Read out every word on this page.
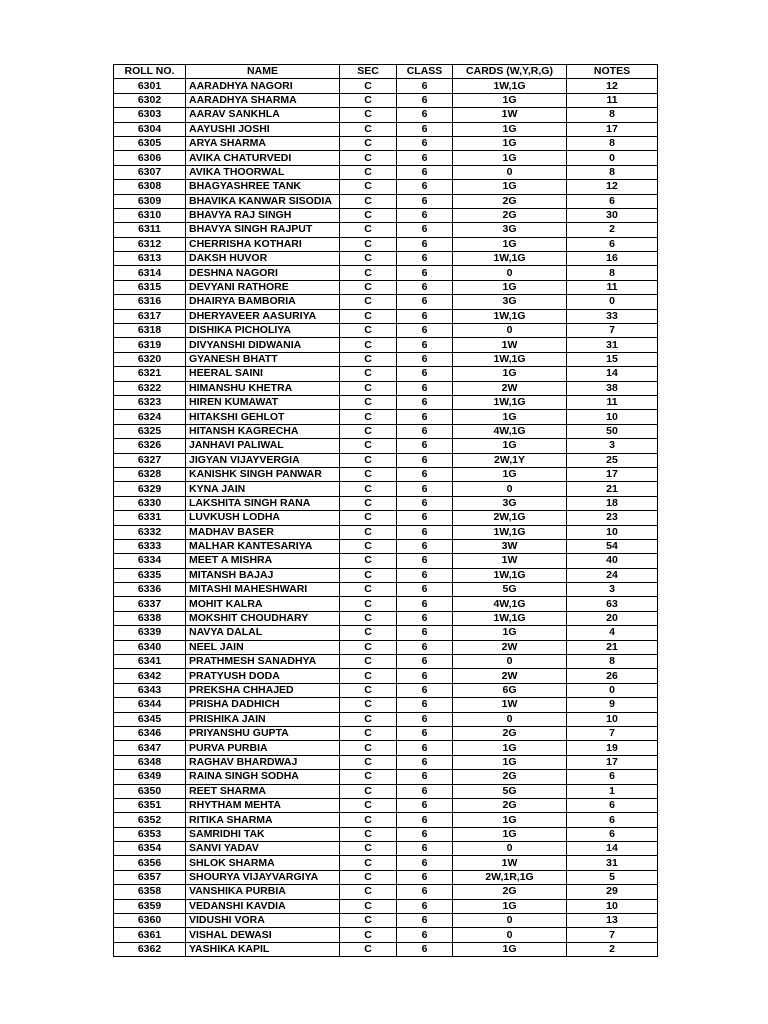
ROLL NO.	NAME	SEC	CLASS	CARDS (W,Y,R,G)	NOTES
6301	AARADHYA NAGORI	C	6	1W,1G	12
6302	AARADHYA SHARMA	C	6	1G	11
6303	AARAV SANKHLA	C	6	1W	8
6304	AAYUSHI JOSHI	C	6	1G	17
6305	ARYA SHARMA	C	6	1G	8
6306	AVIKA CHATURVEDI	C	6	1G	0
6307	AVIKA THOORWAL	C	6	0	8
6308	BHAGYASHREE TANK	C	6	1G	12
6309	BHAVIKA KANWAR SISODIA	C	6	2G	6
6310	BHAVYA RAJ SINGH	C	6	2G	30
6311	BHAVYA SINGH RAJPUT	C	6	3G	2
6312	CHERRISHA KOTHARI	C	6	1G	6
6313	DAKSH HUVOR	C	6	1W,1G	16
6314	DESHNA NAGORI	C	6	0	8
6315	DEVYANI RATHORE	C	6	1G	11
6316	DHAIRYA BAMBORIA	C	6	3G	0
6317	DHERYAVEER AASURIYA	C	6	1W,1G	33
6318	DISHIKA PICHOLIYA	C	6	0	7
6319	DIVYANSHI DIDWANIA	C	6	1W	31
6320	GYANESH BHATT	C	6	1W,1G	15
6321	HEERAL SAINI	C	6	1G	14
6322	HIMANSHU KHETRA	C	6	2W	38
6323	HIREN KUMAWAT	C	6	1W,1G	11
6324	HITAKSHI GEHLOT	C	6	1G	10
6325	HITANSH KAGRECHA	C	6	4W,1G	50
6326	JANHAVI PALIWAL	C	6	1G	3
6327	JIGYAN VIJAYVERGIA	C	6	2W,1Y	25
6328	KANISHK SINGH PANWAR	C	6	1G	17
6329	KYNA JAIN	C	6	0	21
6330	LAKSHITA SINGH RANA	C	6	3G	18
6331	LUVKUSH LODHA	C	6	2W,1G	23
6332	MADHAV BASER	C	6	1W,1G	10
6333	MALHAR KANTESARIYA	C	6	3W	54
6334	MEET A MISHRA	C	6	1W	40
6335	MITANSH BAJAJ	C	6	1W,1G	24
6336	MITASHI MAHESHWARI	C	6	5G	3
6337	MOHIT KALRA	C	6	4W,1G	63
6338	MOKSHIT CHOUDHARY	C	6	1W,1G	20
6339	NAVYA DALAL	C	6	1G	4
6340	NEEL JAIN	C	6	2W	21
6341	PRATHMESH SANADHYA	C	6	0	8
6342	PRATYUSH DODA	C	6	2W	26
6343	PREKSHA CHHAJED	C	6	6G	0
6344	PRISHA DADHICH	C	6	1W	9
6345	PRISHIKA JAIN	C	6	0	10
6346	PRIYANSHU GUPTA	C	6	2G	7
6347	PURVA PURBIA	C	6	1G	19
6348	RAGHAV BHARDWAJ	C	6	1G	17
6349	RAINA SINGH SODHA	C	6	2G	6
6350	REET SHARMA	C	6	5G	1
6351	RHYTHAM MEHTA	C	6	2G	6
6352	RITIKA SHARMA	C	6	1G	6
6353	SAMRIDHI TAK	C	6	1G	6
6354	SANVI YADAV	C	6	0	14
6356	SHLOK SHARMA	C	6	1W	31
6357	SHOURYA VIJAYVARGIYA	C	6	2W,1R,1G	5
6358	VANSHIKA PURBIA	C	6	2G	29
6359	VEDANSHI KAVDIA	C	6	1G	10
6360	VIDUSHI VORA	C	6	0	13
6361	VISHAL DEWASI	C	6	0	7
6362	YASHIKA KAPIL	C	6	1G	2
